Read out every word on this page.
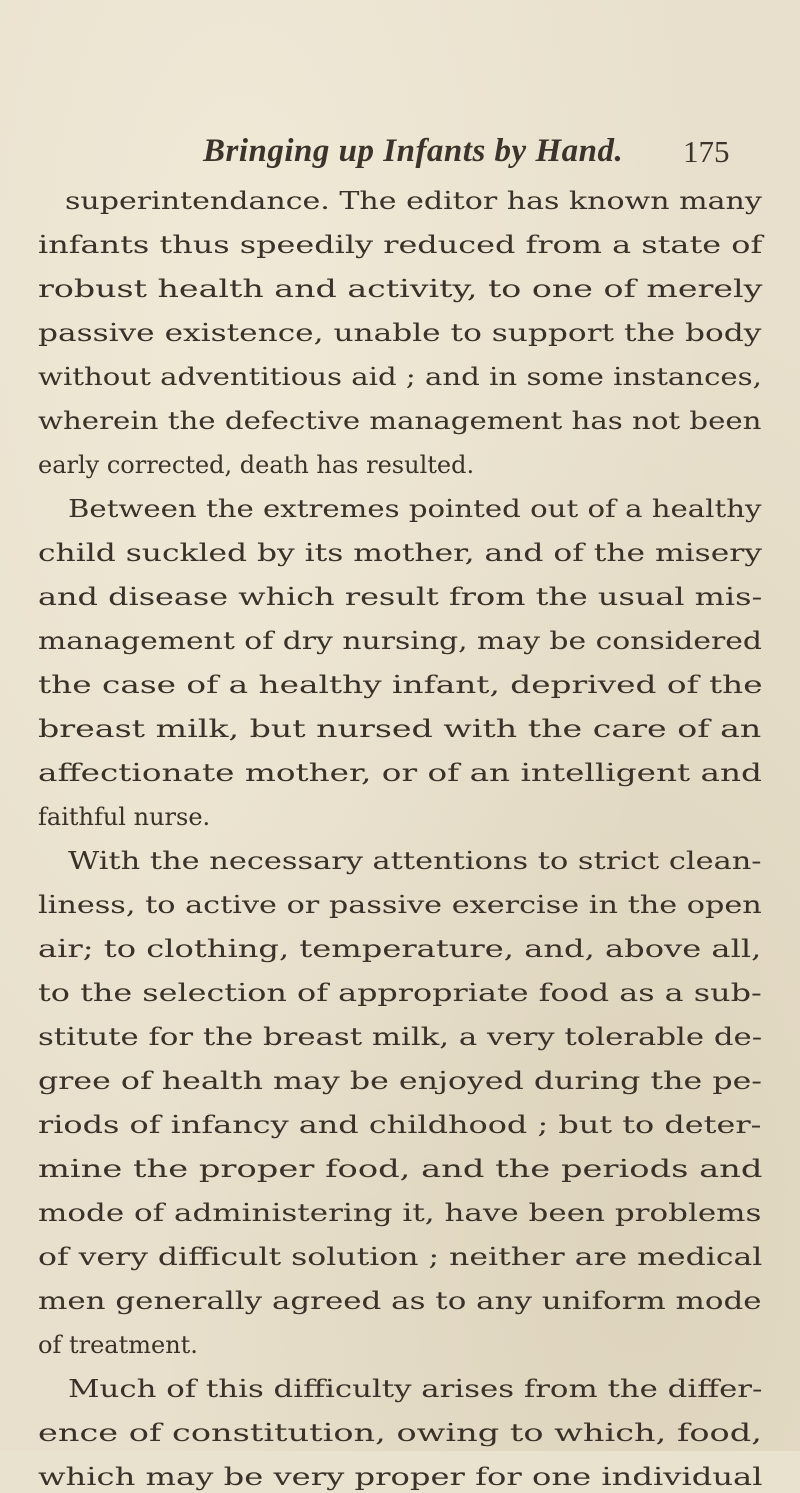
Bringing up Infants by Hand. 175
superintendance. The editor has known many
infants thus speedily reduced from a state of
robust health and activity, to one of merely
passive existence, unable to support the body
without adventitious aid ; and in some instances,
wherein the defective management has not been
early corrected, death has resulted.
Between the extremes pointed out of a healthy
child suckled by its mother, and of the misery
and disease which result from the usual mis-
management of dry nursing, may be considered
the case of a healthy infant, deprived of the
breast milk, but nursed with the care of an
affectionate mother, or of an intelligent and
faithful nurse.
With the necessary attentions to strict clean-
liness, to active or passive exercise in the open
air; to clothing, temperature, and, above all,
to the selection of appropriate food as a sub-
stitute for the breast milk, a very tolerable de-
gree of health may be enjoyed during the pe-
riods of infancy and childhood ; but to deter-
mine the proper food, and the periods and
mode of administering it, have been problems
of very difficult solution ; neither are medical
men generally agreed as to any uniform mode
of treatment.
Much of this difficulty arises from the differ-
ence of constitution, owing to which, food,
which may be very proper for one individual
